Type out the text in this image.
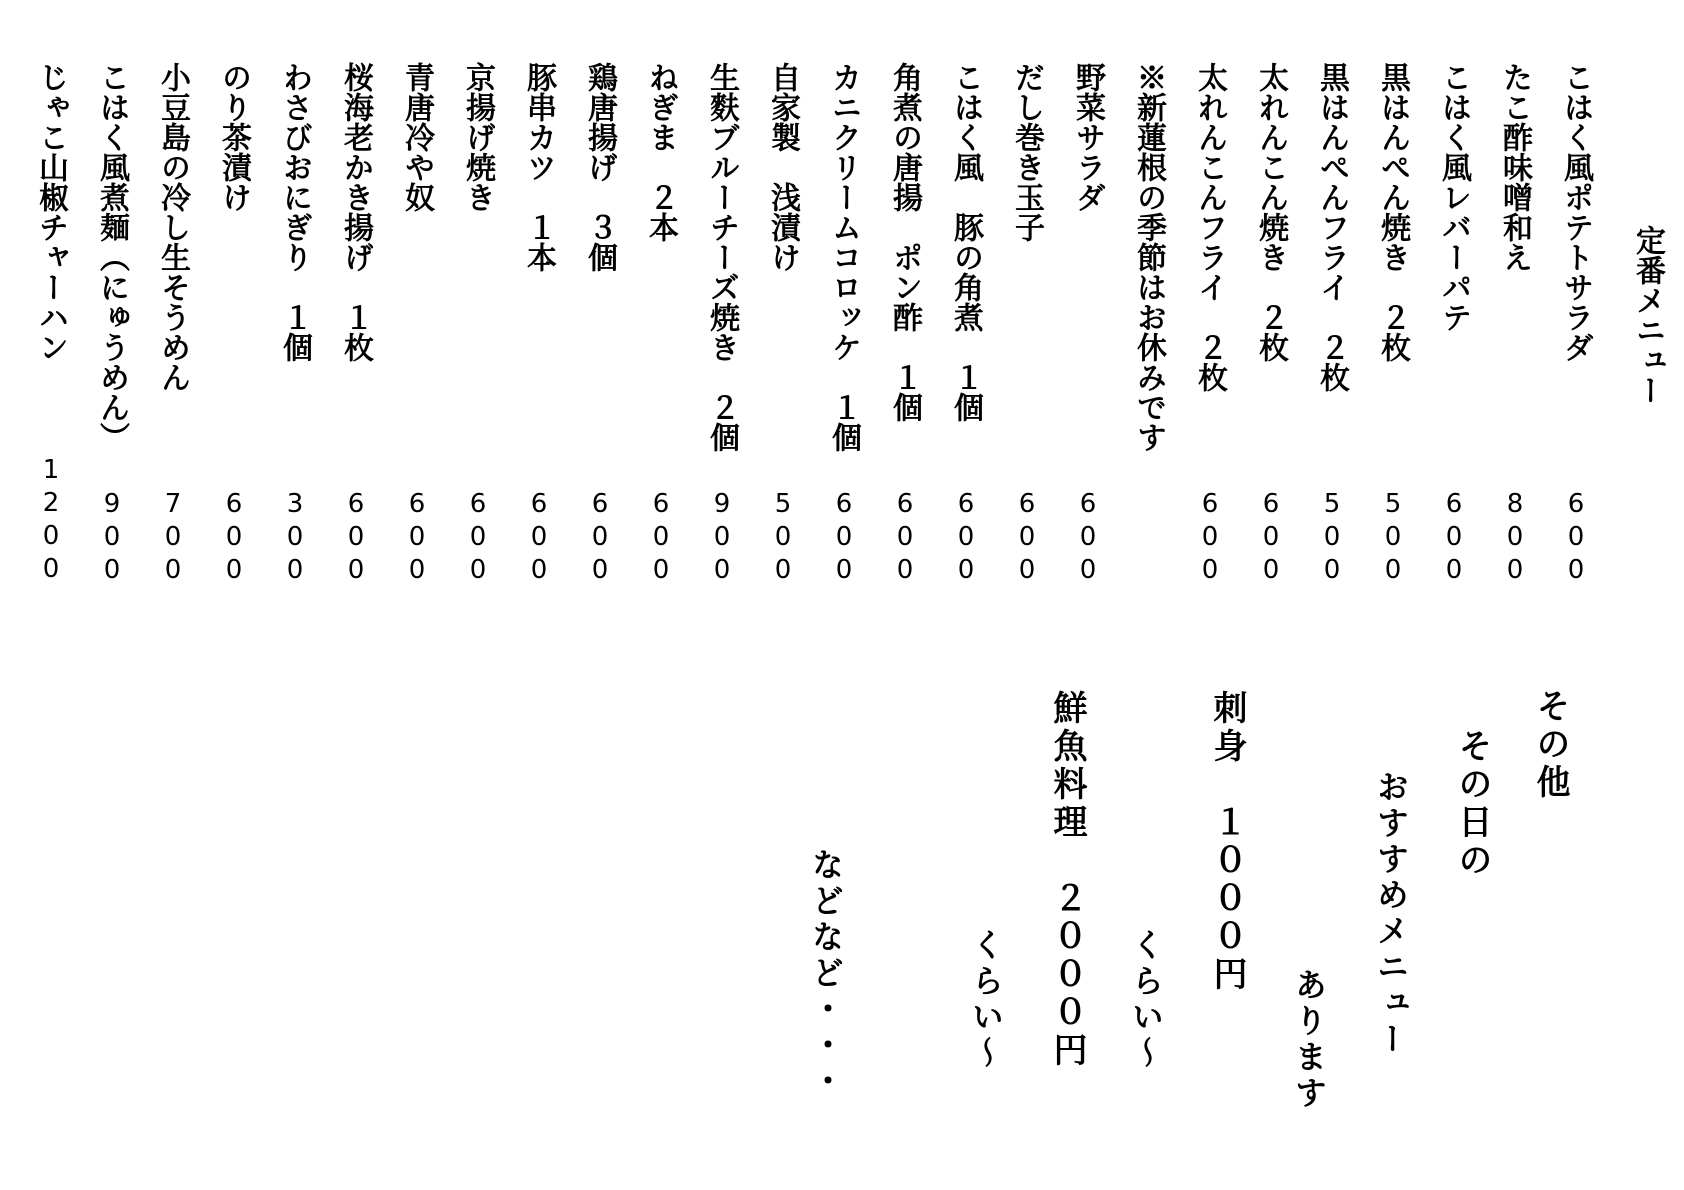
定番メニュー
こはく風ポテトサラダ
6
0
0
たこ酢味噌和え
8
0
0
こはく風レバーパテ
6
0
0
黒はんぺん焼き　２枚
5
0
0
黒はんぺんフライ　２枚
5
0
0
太れんこん焼き　２枚
6
0
0
太れんこんフライ　２枚
6
0
0
※新蓮根の季節はお休みです
野菜サラダ
6
0
0
だし巻き玉子
6
0
0
こはく風　豚の角煮　１個
6
0
0
角煮の唐揚　ポン酢　１個
6
0
0
カニクリームコロッケ　１個
6
0
0
自家製　浅漬け
5
0
0
生麩ブルーチーズ焼き　２個
9
0
0
ねぎま　２本
6
0
0
鶏唐揚げ　３個
6
0
0
豚串カツ　１本
6
0
0
京揚げ焼き
6
0
0
青唐冷や奴
6
0
0
桜海老かき揚げ　１枚
6
0
0
わさびおにぎり　１個
3
0
0
のり茶漬け
6
0
0
小豆島の冷し生そうめん
7
0
0
こはく風煮麺（にゅうめん）
9
0
0
じゃこ山椒チャーハン
1
2
0
0
その他
その日の
おすすめメニュー
あります
刺身　１０００円
くらい～
鮮魚料理　２０００円
くらい～
などなど・・・
